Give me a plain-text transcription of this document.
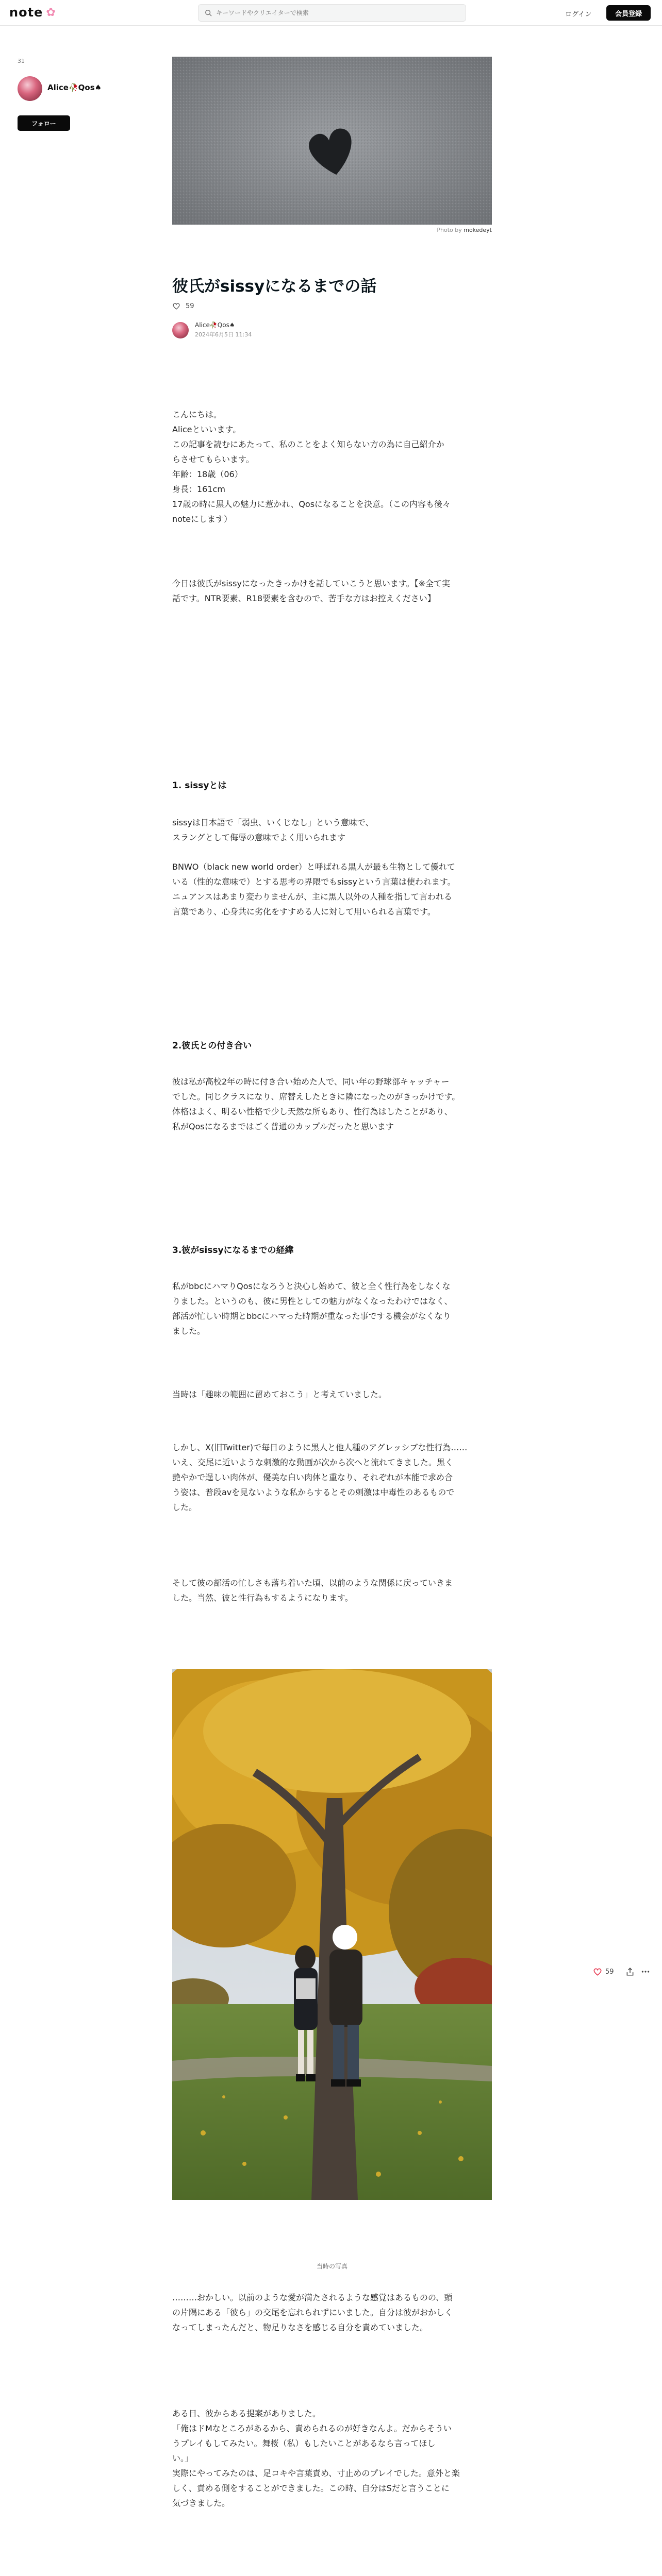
note ✿
キーワードやクリエイターで検索	ログイン	会員登録
31
Alice🥀Qos♠
フォロー
Photo by mokedeyt
彼氏がsissyになるまでの話
59
Alice🥀Qos♠
2024年6月5日 11:34

こんにちは。

Aliceといいます。

この記事を読むにあたって、私のことをよく知らない方の為に自己紹介か

らさせてもらいます。

年齢：18歳（06）

身長：161cm

17歳の時に黒人の魅力に惹かれ、Qosになることを決意。（この内容も後々

noteにします）

今日は彼氏がsissyになったきっかけを話していこうと思います。【※全て実

話です。NTR要素、R18要素を含むので、苦手な方はお控えください】

1. sissyとは

sissyは日本語で「弱虫、いくじなし」という意味で、

スラングとして侮辱の意味でよく用いられます

BNWO（black new world order）と呼ばれる黒人が最も生物として優れて

いる（性的な意味で）とする思考の界隈でもsissyという言葉は使われます。

ニュアンスはあまり変わりませんが、主に黒人以外の人種を指して言われる

言葉であり、心身共に劣化をすすめる人に対して用いられる言葉です。

2.彼氏との付き合い

彼は私が高校2年の時に付き合い始めた人で、同い年の野球部キャッチャー

でした。同じクラスになり、席替えしたときに隣になったのがきっかけです。

体格はよく、明るい性格で少し天然な所もあり、性行為はしたことがあり、

私がQosになるまではごく普通のカップルだったと思います

3.彼がsissyになるまでの経緯

私がbbcにハマりQosになろうと決心し始めて、彼と全く性行為をしなくな

りました。というのも、彼に男性としての魅力がなくなったわけではなく、

部活が忙しい時期とbbcにハマった時期が重なった事でする機会がなくなり

ました。

当時は「趣味の範囲に留めておこう」と考えていました。

しかし、X(旧Twitter)で毎日のように黒人と他人種のアグレッシブな性行為……

いえ、交尾に近いような刺激的な動画が次から次へと流れてきました。黒く

艶やかで逞しい肉体が、優美な白い肉体と重なり、それぞれが本能で求め合

う姿は、普段avを見ないような私からするとその刺激は中毒性のあるもので

した。

そして彼の部活の忙しさも落ち着いた頃、以前のような関係に戻っていきま

した。当然、彼と性行為もするようになります。

当時の写真

………おかしい。以前のような愛が満たされるような感覚はあるものの、頭

の片隅にある「彼ら」の交尾を忘れられずにいました。自分は彼がおかしく

なってしまったんだと、物足りなさを感じる自分を責めていました。

ある日、彼からある提案がありました。

「俺はドMなところがあるから、責められるのが好きなんよ。だからそうい

うプレイもしてみたい。舞桜（私）もしたいことがあるなら言ってほし

い。」

実際にやってみたのは、足コキや言葉責め、寸止めのプレイでした。意外と楽

しく、責める側をすることができました。この時、自分はSだと言うことに

気づきました。

59
